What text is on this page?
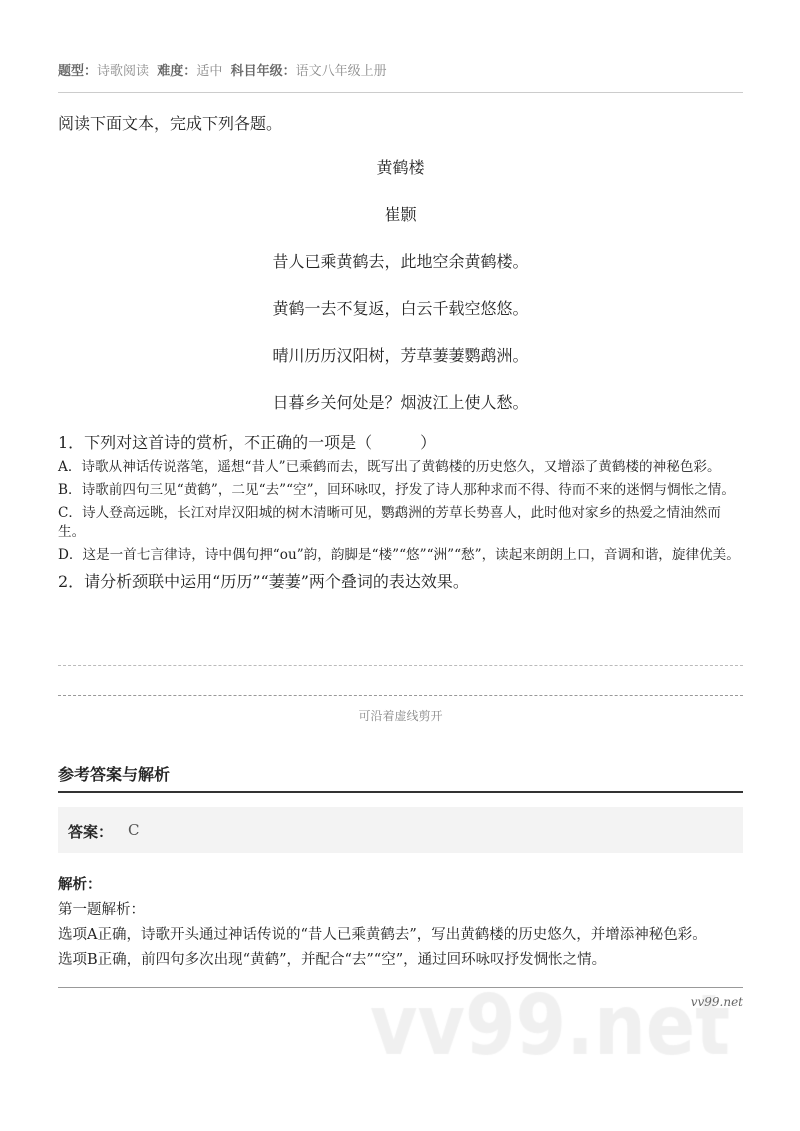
题型：诗歌阅读 难度：适中 科目年级：语文八年级上册
阅读下面文本，完成下列各题。
黄鹤楼
崔颢
昔人已乘黄鹤去，此地空余黄鹤楼。
黄鹤一去不复返，白云千载空悠悠。
晴川历历汉阳树，芳草萋萋鹦鹉洲。
日暮乡关何处是？烟波江上使人愁。
1．下列对这首诗的赏析，不正确的一项是（　　　）
A．诗歌从神话传说落笔，遥想“昔人”已乘鹤而去，既写出了黄鹤楼的历史悠久，又增添了黄鹤楼的神秘色彩。
B．诗歌前四句三见“黄鹤”，二见“去”“空”，回环咏叹，抒发了诗人那种求而不得、待而不来的迷惘与惆怅之情。
C．诗人登高远眺，长江对岸汉阳城的树木清晰可见，鹦鹉洲的芳草长势喜人，此时他对家乡的热爱之情油然而生。
D．这是一首七言律诗，诗中偶句押“ou”韵，韵脚是“楼”“悠”“洲”“愁”，读起来朗朗上口，音调和谐，旋律优美。
2．请分析颈联中运用“历历”“萋萋”两个叠词的表达效果。
可沿着虚线剪开
参考答案与解析
答案： C
解析：
第一题解析：
选项A正确，诗歌开头通过神话传说的“昔人已乘黄鹤去”，写出黄鹤楼的历史悠久，并增添神秘色彩。
选项B正确，前四句多次出现“黄鹤”，并配合“去”“空”，通过回环咏叹抒发惆怅之情。
vv99.net
